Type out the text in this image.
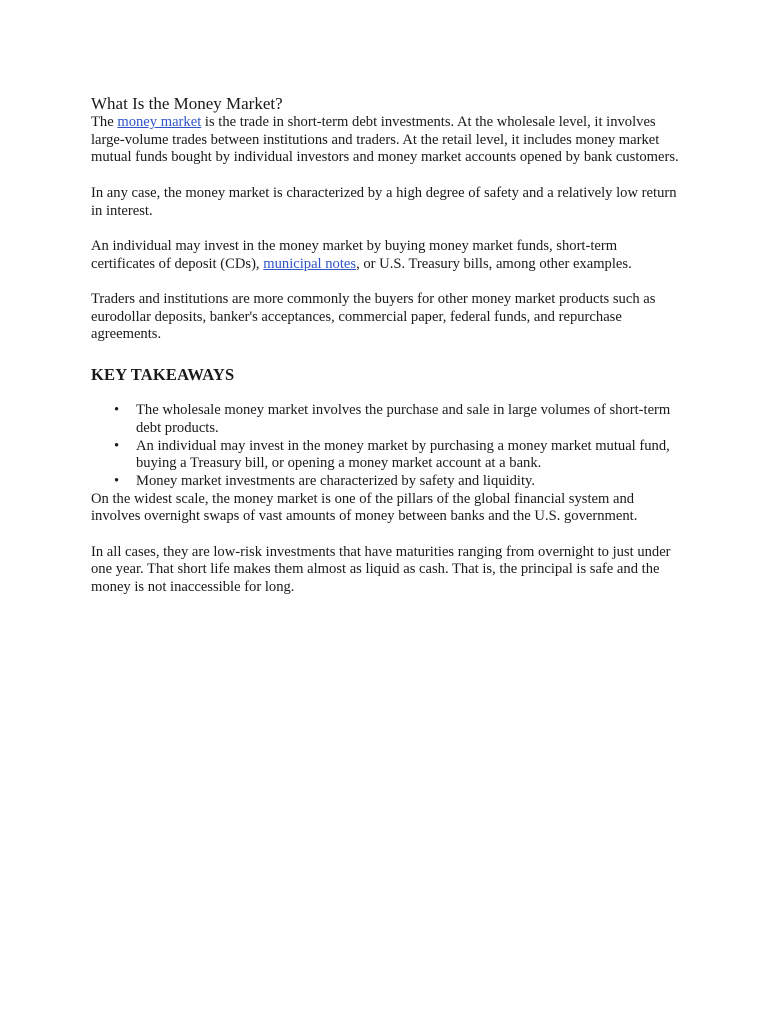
What Is the Money Market?

The money market is the trade in short-term debt investments. At the wholesale level, it involves large-volume trades between institutions and traders. At the retail level, it includes money market mutual funds bought by individual investors and money market accounts opened by bank customers.

In any case, the money market is characterized by a high degree of safety and a relatively low return in interest.

An individual may invest in the money market by buying money market funds, short-term certificates of deposit (CDs), municipal notes, or U.S. Treasury bills, among other examples.

Traders and institutions are more commonly the buyers for other money market products such as eurodollar deposits, banker's acceptances, commercial paper, federal funds, and repurchase agreements.

KEY TAKEAWAYS
• The wholesale money market involves the purchase and sale in large volumes of short-term debt products.
• An individual may invest in the money market by purchasing a money market mutual fund, buying a Treasury bill, or opening a money market account at a bank.
• Money market investments are characterized by safety and liquidity.

On the widest scale, the money market is one of the pillars of the global financial system and involves overnight swaps of vast amounts of money between banks and the U.S. government.

In all cases, they are low-risk investments that have maturities ranging from overnight to just under one year. That short life makes them almost as liquid as cash. That is, the principal is safe and the money is not inaccessible for long.
